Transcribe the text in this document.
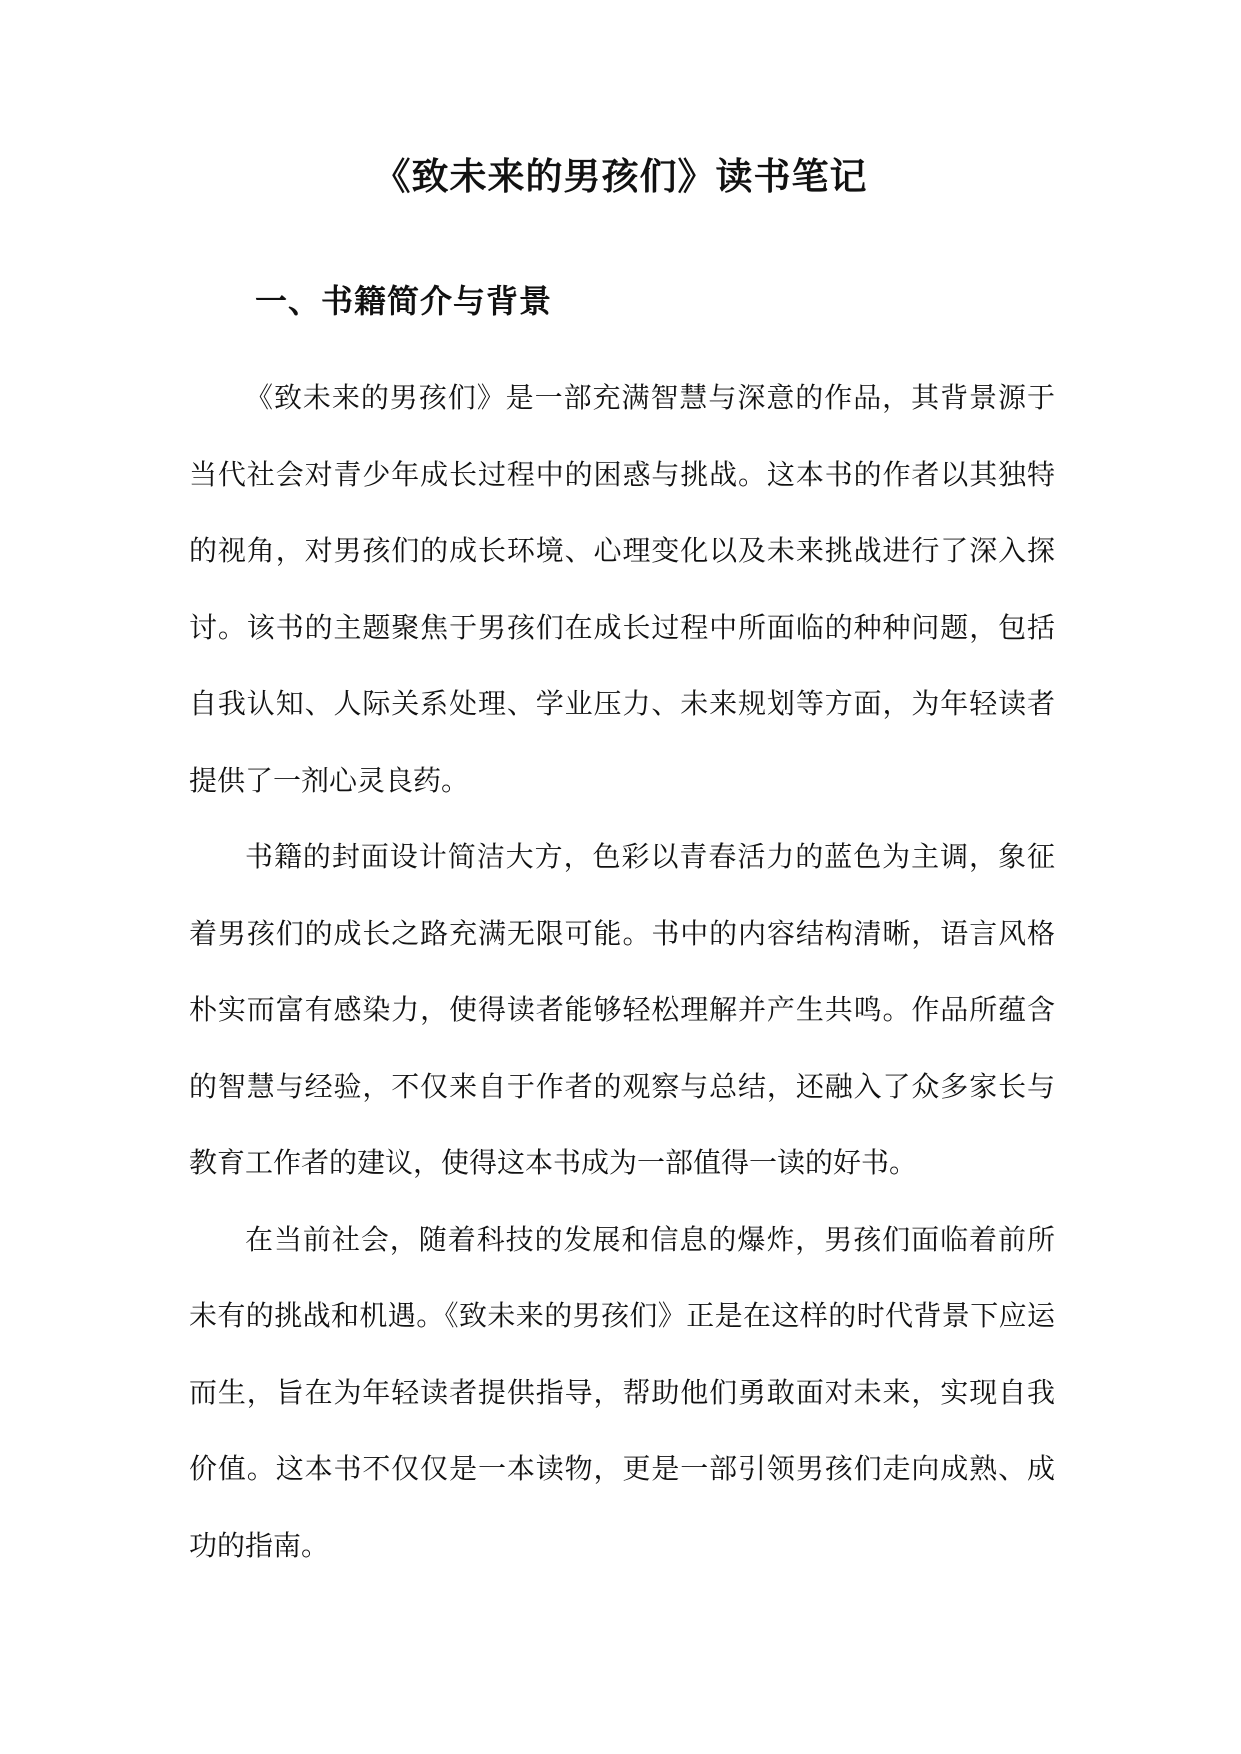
《致未来的男孩们》读书笔记
一、书籍简介与背景

《致未来的男孩们》是一部充满智慧与深意的作品，其背景源于当代社会对青少年成长过程中的困惑与挑战。这本书的作者以其独特的视角，对男孩们的成长环境、心理变化以及未来挑战进行了深入探讨。该书的主题聚焦于男孩们在成长过程中所面临的种种问题，包括自我认知、人际关系处理、学业压力、未来规划等方面，为年轻读者提供了一剂心灵良药。

书籍的封面设计简洁大方，色彩以青春活力的蓝色为主调，象征着男孩们的成长之路充满无限可能。书中的内容结构清晰，语言风格朴实而富有感染力，使得读者能够轻松理解并产生共鸣。作品所蕴含的智慧与经验，不仅来自于作者的观察与总结，还融入了众多家长与教育工作者的建议，使得这本书成为一部值得一读的好书。

在当前社会，随着科技的发展和信息的爆炸，男孩们面临着前所未有的挑战和机遇。《致未来的男孩们》正是在这样的时代背景下应运而生，旨在为年轻读者提供指导，帮助他们勇敢面对未来，实现自我价值。这本书不仅仅是一本读物，更是一部引领男孩们走向成熟、成功的指南。
